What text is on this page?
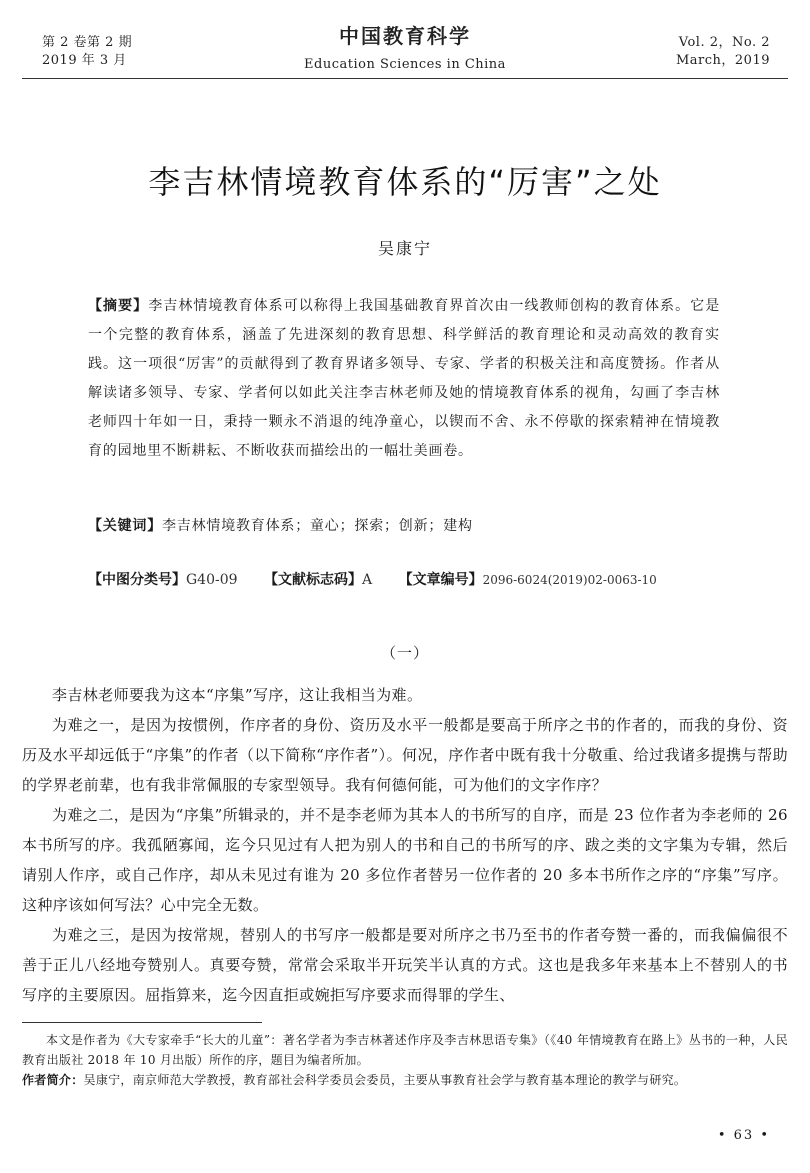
第 2 卷第 2 期
2019 年 3 月
中国教育科学
Education Sciences in China
Vol. 2，No. 2
March，2019
李吉林情境教育体系的“厉害”之处
吴康宁
【摘要】李吉林情境教育体系可以称得上我国基础教育界首次由一线教师创构的教育体系。它是一个完整的教育体系，涵盖了先进深刻的教育思想、科学鲜活的教育理论和灵动高效的教育实践。这一项很“厉害”的贡献得到了教育界诸多领导、专家、学者的积极关注和高度赞扬。作者从解读诸多领导、专家、学者何以如此关注李吉林老师及她的情境教育体系的视角，勾画了李吉林老师四十年如一日，秉持一颗永不消退的纯净童心，以锲而不舍、永不停歇的探索精神在情境教育的园地里不断耕耘、不断收获而描绘出的一幅壮美画卷。
【关键词】李吉林情境教育体系；童心；探索；创新；建构
【中图分类号】G40-09 【文献标志码】A 【文章编号】2096-6024(2019)02-0063-10
（一）

李吉林老师要我为这本“序集”写序，这让我相当为难。

为难之一，是因为按惯例，作序者的身份、资历及水平一般都是要高于所序之书的作者的，而我的身份、资历及水平却远低于“序集”的作者（以下简称“序作者”）。何况，序作者中既有我十分敬重、给过我诸多提携与帮助的学界老前辈，也有我非常佩服的专家型领导。我有何德何能，可为他们的文字作序？

为难之二，是因为“序集”所辑录的，并不是李老师为其本人的书所写的自序，而是 23 位作者为李老师的 26 本书所写的序。我孤陋寡闻，迄今只见过有人把为别人的书和自己的书所写的序、跋之类的文字集为专辑，然后请别人作序，或自己作序，却从未见过有谁为 20 多位作者替另一位作者的 20 多本书所作之序的“序集”写序。这种序该如何写法？心中完全无数。

为难之三，是因为按常规，替别人的书写序一般都是要对所序之书乃至书的作者夸赞一番的，而我偏偏很不善于正儿八经地夸赞别人。真要夸赞，常常会采取半开玩笑半认真的方式。这也是我多年来基本上不替别人的书写序的主要原因。屈指算来，迄今因直拒或婉拒写序要求而得罪的学生、

本文是作者为《大专家牵手“长大的儿童”：著名学者为李吉林著述作序及李吉林思语专集》（《40 年情境教育在路上》丛书的一种，人民教育出版社 2018 年 10 月出版）所作的序，题目为编者所加。

作者简介：吴康宁，南京师范大学教授，教育部社会科学委员会委员，主要从事教育社会学与教育基本理论的教学与研究。

• 63 •
